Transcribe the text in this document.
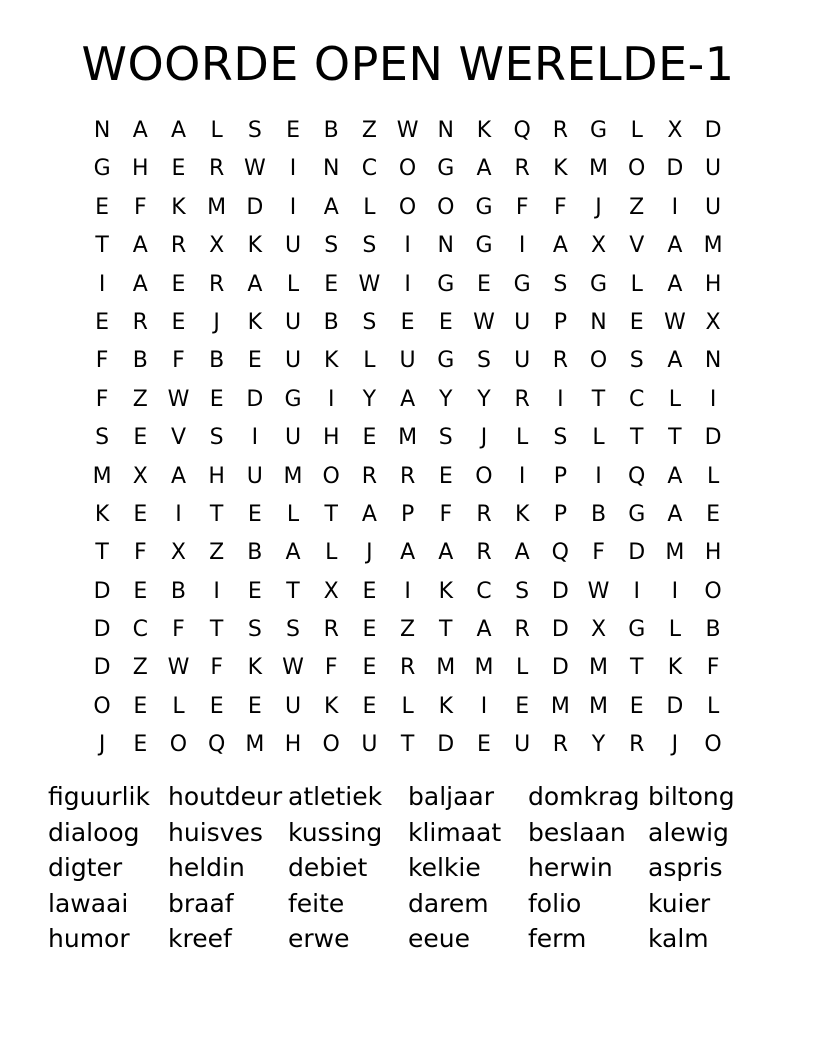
WOORDE OPEN WERELDE-1
N	A	A	L	S	E	B	Z W N	K	Q R	G	L	X	D
G H	E	R W	I	N	C O G	A	R	K M O D U
E	F	K M D	I	A	L	O O G	F	F	J	Z	I	U
T	A	R	X	K	U	S	S	I	N G	I	A	X	V	A M
I	A	E	R	A	L	E W	I	G	E	G	S	G	L	A	H
E	R	E	J	K	U	B	S	E	E W U	P	N	E W X
F	B	F	B	E	U	K	L	U G	S	U	R O	S	A	N
F	Z W E	D G	I	Y	A	Y	Y	R	I	T	C	L	I
S	E	V	S	I	U H	E M S	J	L	S	L	T	T	D
M X	A	H U M O R	R	E	O	I	P	I	Q	A	L
K	E	I	T	E	L	T	A	P	F	R	K	P	B	G	A	E
T	F	X	Z	B	A	L	J	A	A	R	A Q	F	D M H
D	E	B	I	E	T	X	E	I	K	C	S	D W	I	I	O
D	C	F	T	S	S	R	E	Z	T	A	R	D	X	G	L	B
D	Z W F	K W F	E	R M M	L	D M T	K	F
O	E	L	E	E	U	K	E	L	K	I	E M M E	D	L
J	E	O Q M H O U	T	D	E	U	R	Y	R	J	O
figuurlik houtdeur atletiek	baljaar	domkrag biltong
dialoog	huisves	kussing	klimaat	beslaan alewig
digter	heldin	debiet	kelkie	herwin	aspris
lawaai	braaf	feite	darem	folio	kuier
humor	kreef	erwe	eeue	ferm	kalm
